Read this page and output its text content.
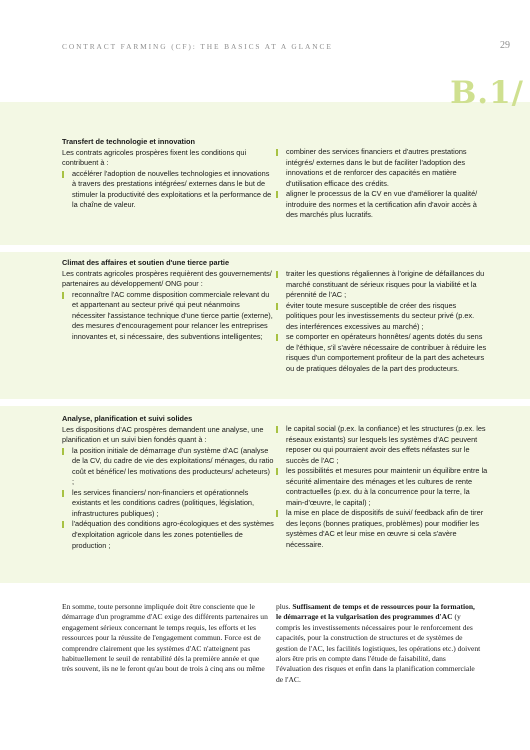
CONTRACT FARMING (CF): THE BASICS AT A GLANCE	29
B.1/
Transfert de technologie et innovation
Les contrats agricoles prospères fixent les conditions qui contribuent à :
accélérer l'adoption de nouvelles technologies et innovations à travers des prestations intégrées/ externes dans le but de stimuler la productivité des exploitations et la performance de la chaîne de valeur.
combiner des services financiers et d'autres prestations intégrés/ externes dans le but de faciliter l'adoption des innovations et de renforcer des capacités en matière d'utilisation efficace des crédits.
aligner le processus de la CV en vue d'améliorer la qualité/ introduire des normes et la certification afin d'avoir accès à des marchés plus lucratifs.
Climat des affaires et soutien d'une tierce partie
Les contrats agricoles prospères requièrent des gouvernements/ partenaires au développement/ ONG pour :
reconnaître l'AC comme disposition commerciale relevant du et appartenant au secteur privé qui peut néanmoins nécessiter l'assistance technique d'une tierce partie (externe), des mesures d'encouragement pour relancer les entreprises innovantes et, si nécessaire, des subventions intelligentes;
traiter les questions régaliennes à l'origine de défaillances du marché constituant de sérieux risques pour la viabilité et la pérennité de l'AC ;
éviter toute mesure susceptible de créer des risques politiques pour les investissements du secteur privé (p.ex. des interférences excessives au marché) ;
se comporter en opérateurs honnêtes/ agents dotés du sens de l'éthique, s'il s'avère nécessaire de contribuer à réduire les risques d'un comportement profiteur de la part des acheteurs ou de pratiques déloyales de la part des producteurs.
Analyse, planification et suivi solides
Les dispositions d'AC prospères demandent une analyse, une planification et un suivi bien fondés quant à :
la position initiale de démarrage d'un système d'AC (analyse de la CV, du cadre de vie des exploitations/ ménages, du ratio coût et bénéfice/ les motivations des producteurs/ acheteurs) ;
les services financiers/ non-financiers et opérationnels existants et les conditions cadres (politiques, législation, infrastructures publiques) ;
l'adéquation des conditions agro-écologiques et des systèmes d'exploitation agricole dans les zones potentielles de production ;
le capital social (p.ex. la confiance) et les structures (p.ex. les réseaux existants) sur lesquels les systèmes d'AC peuvent reposer ou qui pourraient avoir des effets néfastes sur le succès de l'AC ;
les possibilités et mesures pour maintenir un équilibre entre la sécurité alimentaire des ménages et les cultures de rente contractuelles (p.ex. du à la concurrence pour la terre, la main-d'œuvre, le capital) ;
la mise en place de dispositifs de suivi/ feedback afin de tirer des leçons (bonnes pratiques, problèmes) pour modifier les systèmes d'AC et leur mise en œuvre si cela s'avère nécessaire.
En somme, toute personne impliquée doit être consciente que le démarrage d'un programme d'AC exige des différents partenaires un engagement sérieux concernant le temps requis, les efforts et les ressources pour la réussite de l'engagement commun. Force est de comprendre clairement que les systèmes d'AC n'atteignent pas habituellement le seuil de rentabilité dès la première année et que très souvent, ils ne le feront qu'au bout de trois à cinq ans ou même
plus. Suffisament de temps et de ressources pour la formation, le démarrage et la vulgarisation des programmes d'AC (y compris les investissements nécessaires pour le renforcement des capacités, pour la construction de structures et de systèmes de gestion de l'AC, les facilités logistiques, les opérations etc.) doivent alors être pris en compte dans l'étude de faisabilité, dans l'évaluation des risques et enfin dans la planification commerciale de l'AC.
